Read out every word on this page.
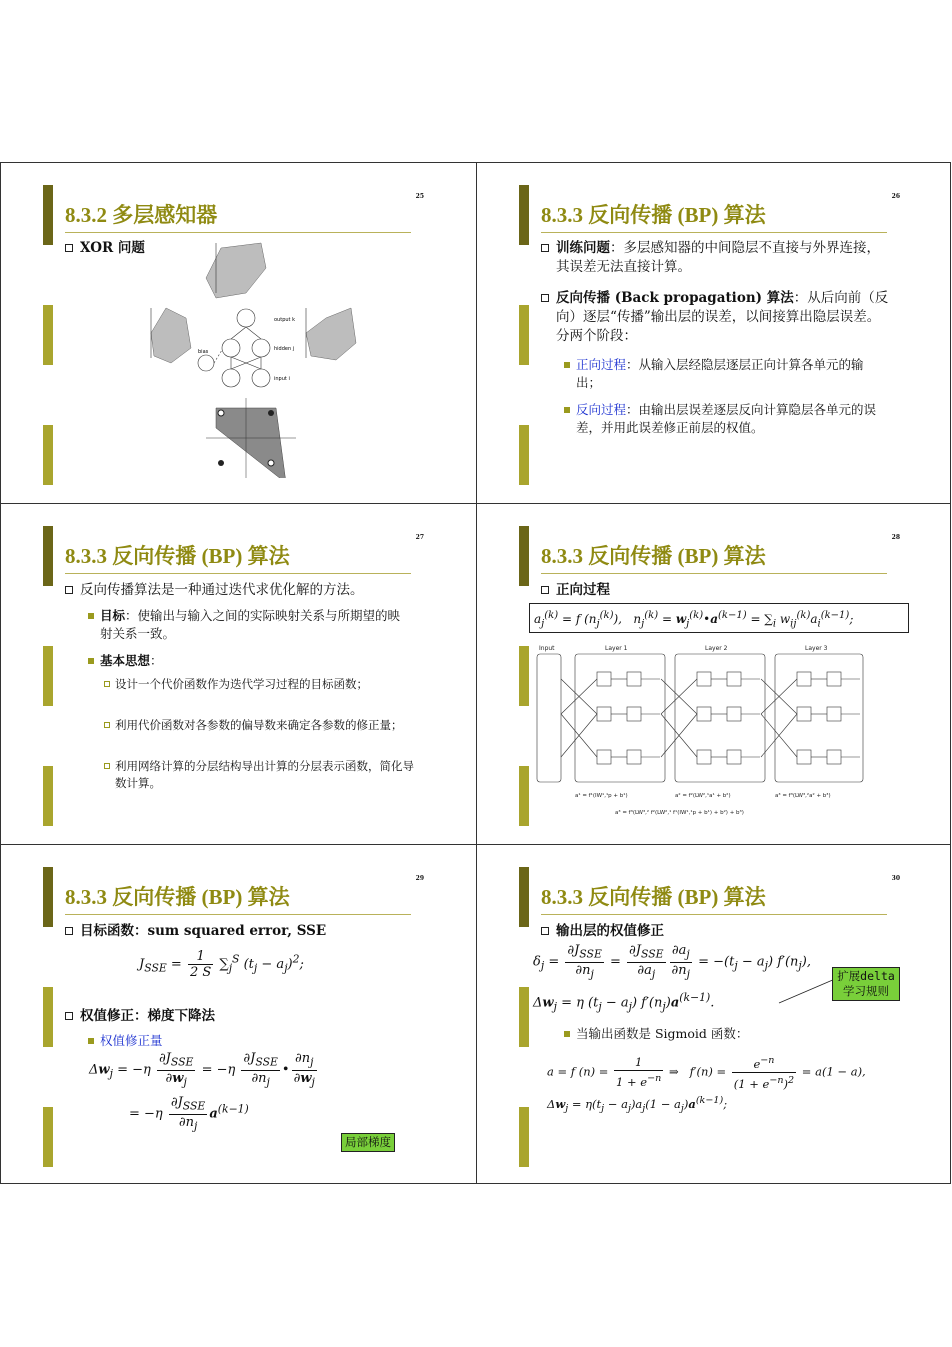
8.3.2 多层感知器
25
XOR 问题
output k
hidden j
input i
bias
8.3.3 反向传播 (BP) 算法
26
训练问题：多层感知器的中间隐层不直接与外界连接，其误差无法直接计算。
反向传播 (Back propagation) 算法：从后向前（反向）逐层“传播”输出层的误差，以间接算出隐层误差。分两个阶段：
正向过程：从输入层经隐层逐层正向计算各单元的输出；
反向过程：由输出层误差逐层反向计算隐层各单元的误差，并用此误差修正前层的权值。
8.3.3 反向传播 (BP) 算法
27
反向传播算法是一种通过迭代求优化解的方法。
目标：使输出与输入之间的实际映射关系与所期望的映射关系一致。
基本思想：
设计一个代价函数作为迭代学习过程的目标函数；
利用代价函数对各参数的偏导数来确定各参数的修正量；
利用网络计算的分层结构导出计算的分层表示函数，简化导数计算。
8.3.3 反向传播 (BP) 算法
28
正向过程
$a_j^{(k)} = f$ $(n_j^{(k)})$,   $n_j^{(k)}$ = $w_j^{(k)}•a^{(k-1)} = \sum_i$ $w_{ij}^{(k)}a_i^{(k-1)}$;
Input	Layer 1	Layer 2	Layer 3
a¹ = f¹(IW¹,¹p + b¹)	a² = f²(LW²,¹a¹ + b²)	a³ = f³(LW³,²a² + b³)
a³ = f³(LW³,² f²(LW²,¹ f¹(IW¹,¹p + b¹) + b²) + b³)
8.3.3 反向传播 (BP) 算法
29
目标函数：sum squared error, SSE
$J_{SSE} = \frac{1}{2 S} \sum_j^S$ $(t_j - a_j)^2$;
权值修正：梯度下降法
权值修正量
$\Delta w_j = -\eta \frac{\partial J_{SSE}}{\partial w_j} = -\eta \frac{\partial J_{SSE}}{\partial n_j}$ • $\frac{\partial n_j}{\partial w_j}$
= $-\eta \frac{\partial J_{SSE}}{\partial n_j} a^{(k-1)}$
局部梯度
8.3.3 反向传播 (BP) 算法
30
输出层的权值修正
$\delta_j = \frac{\partial J_{SSE}}{\partial n_j} = \frac{\partial J_{SSE}}{\partial a_j} \frac{\partial a_j}{\partial n_j} = -(t_j - a_j)$ $f'(n_j)$,
$\Delta w_j = \eta$ $(t_j - a_j)$ $f'(n_j)a^{(k-1)}$.
扩展delta
学习规则
当输出函数是 Sigmoid 函数：
a = f $(n) = \frac{1}{1 + e^{-n}}$ ⇒   $f'(n) = \frac{e^{-n}}{(1 + e^{-n})^2} = a(1 - a)$,
$\Delta w_j = \eta(t_j - a_j)a_j(1 - a_j)a^{(k-1)}$;
